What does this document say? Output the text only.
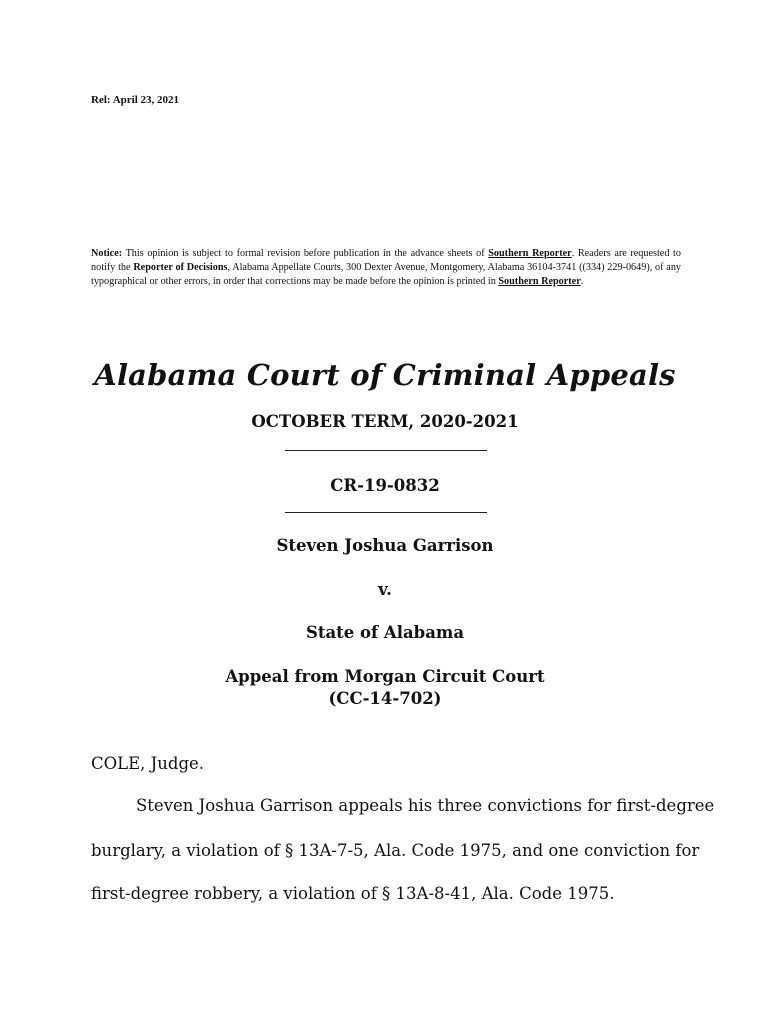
Rel: April 23, 2021
Notice: This opinion is subject to formal revision before publication in the advance sheets of Southern Reporter. Readers are requested to notify the Reporter of Decisions, Alabama Appellate Courts, 300 Dexter Avenue, Montgomery, Alabama 36104-3741 ((334) 229-0649), of any typographical or other errors, in order that corrections may be made before the opinion is printed in Southern Reporter.
Alabama Court of Criminal Appeals
OCTOBER TERM, 2020-2021
CR-19-0832
Steven Joshua Garrison
v.
State of Alabama
Appeal from Morgan Circuit Court
(CC-14-702)
COLE, Judge.
Steven Joshua Garrison appeals his three convictions for first-degree
burglary, a violation of § 13A-7-5, Ala. Code 1975, and one conviction for
first-degree robbery, a violation of § 13A-8-41, Ala. Code 1975.
